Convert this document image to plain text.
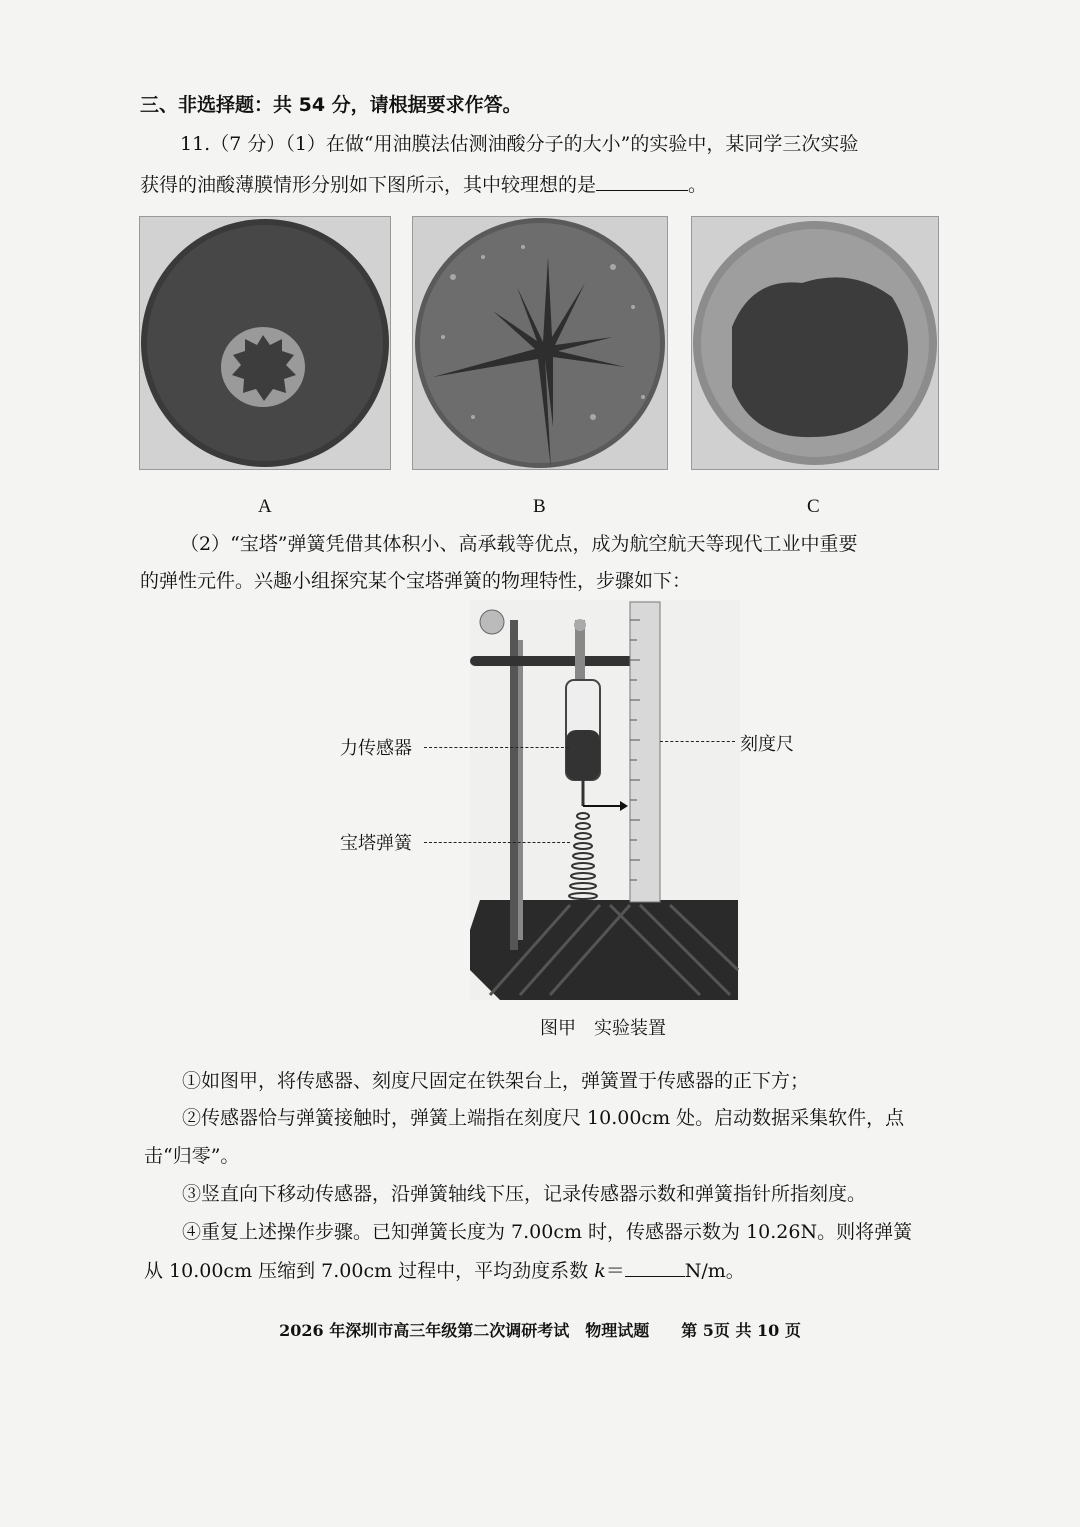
三、非选择题：共 54 分，请根据要求作答。
11.（7 分）（1）在做“用油膜法估测油酸分子的大小”的实验中，某同学三次实验
获得的油酸薄膜情形分别如下图所示，其中较理想的是	。
A	B	C
（2）“宝塔”弹簧凭借其体积小、高承载等优点，成为航空航天等现代工业中重要
的弹性元件。兴趣小组探究某个宝塔弹簧的物理特性，步骤如下：
力传感器	刻度尺
宝塔弹簧
图甲　实验装置
①如图甲，将传感器、刻度尺固定在铁架台上，弹簧置于传感器的正下方；
②传感器恰与弹簧接触时，弹簧上端指在刻度尺 10.00cm 处。启动数据采集软件，点
击“归零”。
③竖直向下移动传感器，沿弹簧轴线下压，记录传感器示数和弹簧指针所指刻度。
④重复上述操作步骤。已知弹簧长度为 7.00cm 时，传感器示数为 10.26N。则将弹簧
从 10.00cm 压缩到 7.00cm 过程中，平均劲度系数 k＝	N/m。
2026 年深圳市高三年级第二次调研考试　物理试题　　第 5页 共 10 页
